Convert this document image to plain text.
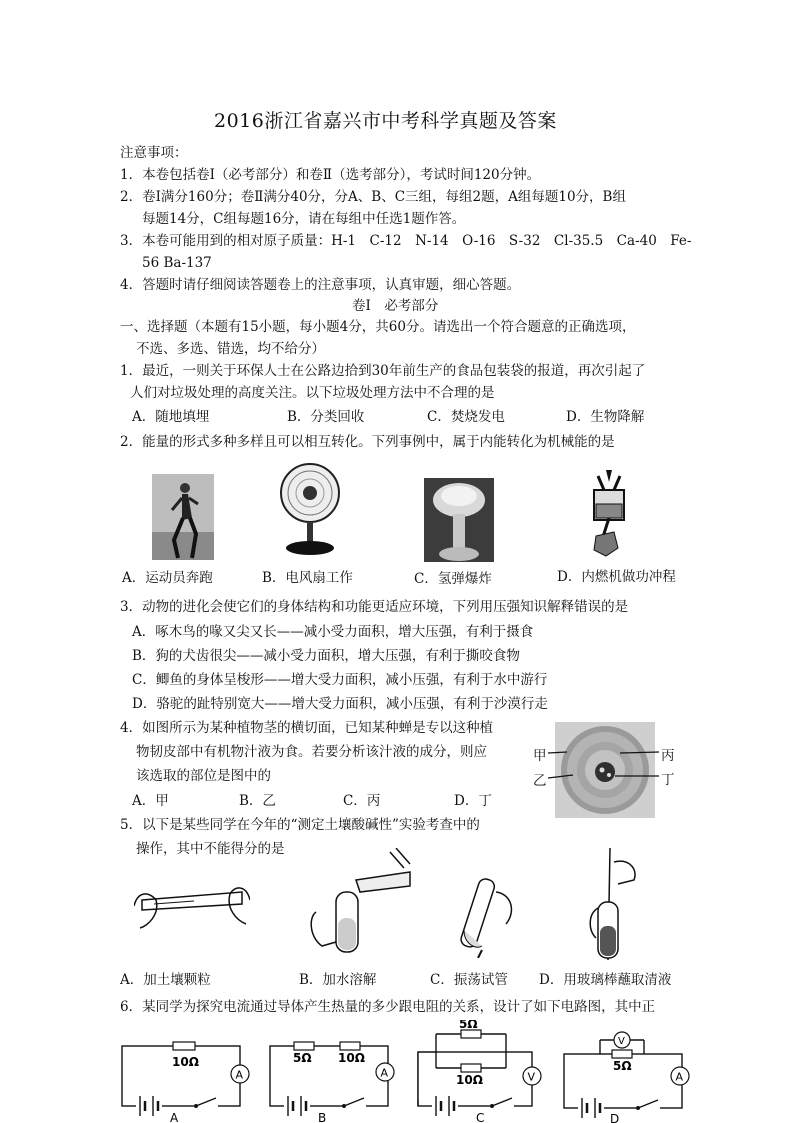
2016浙江省嘉兴市中考科学真题及答案
注意事项：
1．本卷包括卷Ⅰ（必考部分）和卷Ⅱ（选考部分），考试时间120分钟。
2．卷Ⅰ满分160分；卷Ⅱ满分40分，分A、B、C三组，每组2题，A组每题10分，B组
每题14分，C组每题16分，请在每组中任选1题作答。
3．本卷可能用到的相对原子质量：H-1　C-12　N-14　O-16　S-32　Cl-35.5　Ca-40　Fe-
56 Ba-137
4．答题时请仔细阅读答题卷上的注意事项，认真审题，细心答题。
卷Ⅰ　必考部分
一、选择题（本题有15小题，每小题4分，共60分。请选出一个符合题意的正确选项，
不选、多选、错选，均不给分）
1．最近，一则关于环保人士在公路边拾到30年前生产的食品包装袋的报道，再次引起了
人们对垃圾处理的高度关注。以下垃圾处理方法中不合理的是
A．随地填埋	B．分类回收	C．焚烧发电	D．生物降解
2．能量的形式多种多样且可以相互转化。下列事例中，属于内能转化为机械能的是
A．运动员奔跑	B．电风扇工作	C．氢弹爆炸	D．内燃机做功冲程
3．动物的进化会使它们的身体结构和功能更适应环境，下列用压强知识解释错误的是
A．啄木鸟的喙又尖又长——减小受力面积，增大压强，有利于摄食
B．狗的犬齿很尖——减小受力面积，增大压强，有利于撕咬食物
C．鲫鱼的身体呈梭形——增大受力面积，减小压强，有利于水中游行
D．骆驼的趾特别宽大——增大受力面积，减小压强，有利于沙漠行走
4．如图所示为某种植物茎的横切面，已知某种蝉是专以这种植
物韧皮部中有机物汁液为食。若要分析该汁液的成分，则应
该选取的部位是图中的
A．甲	B．乙	C．丙	D．丁
甲
乙
丙
丁
5．以下是某些同学在今年的“测定土壤酸碱性”实验考查中的
操作，其中不能得分的是
A．加土壤颗粒	B．加水溶解	C．振荡试管 D．用玻璃棒蘸取清液
6．某同学为探究电流通过导体产生热量的多少跟电阻的关系，设计了如下电路图，其中正
10Ω
A
A
5Ω 10Ω
A
B
5Ω
10Ω	V
C
V
5Ω
A
D
